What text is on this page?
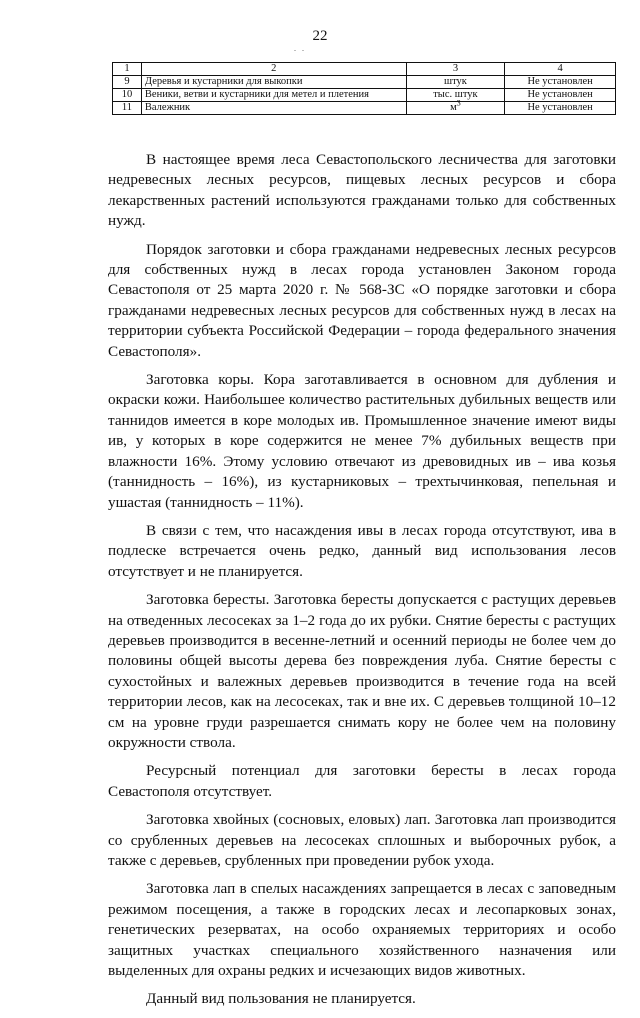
22
. .
1	2	3	4
9	Деревья и кустарники для выкопки	штук	Не установлен
10	Веники, ветви и кустарники для метел и плетения	тыс. штук	Не установлен
11	Валежник	$м^3$	Не установлен

В настоящее время леса Севастопольского лесничества для заготовки недревесных лесных ресурсов, пищевых лесных ресурсов и сбора лекарственных растений используются гражданами только для собственных нужд.

Порядок заготовки и сбора гражданами недревесных лесных ресурсов для собственных нужд в лесах города установлен Законом города Севастополя от 25 марта 2020 г. № 568-ЗС «О порядке заготовки и сбора гражданами недревесных лесных ресурсов для собственных нужд в лесах на территории субъекта Российской Федерации – города федерального значения Севастополя».

Заготовка коры. Кора заготавливается в основном для дубления и окраски кожи. Наибольшее количество растительных дубильных веществ или таннидов имеется в коре молодых ив. Промышленное значение имеют виды ив, у которых в коре содержится не менее 7% дубильных веществ при влажности 16%. Этому условию отвечают из древовидных ив – ива козья (таннидность – 16%), из кустарниковых – трехтычинковая, пепельная и ушастая (таннидность – 11%).

В связи с тем, что насаждения ивы в лесах города отсутствуют, ива в подлеске встречается очень редко, данный вид использования лесов отсутствует и не планируется.

Заготовка бересты. Заготовка бересты допускается с растущих деревьев на отведенных лесосеках за 1–2 года до их рубки. Снятие бересты с растущих деревьев производится в весенне-летний и осенний периоды не более чем до половины общей высоты дерева без повреждения луба. Снятие бересты с сухостойных и валежных деревьев производится в течение года на всей территории лесов, как на лесосеках, так и вне их. С деревьев толщиной 10–12 см на уровне груди разрешается снимать кору не более чем на половину окружности ствола.

Ресурсный потенциал для заготовки бересты в лесах города Севастополя отсутствует.

Заготовка хвойных (сосновых, еловых) лап. Заготовка лап производится со срубленных деревьев на лесосеках сплошных и выборочных рубок, а также с деревьев, срубленных при проведении рубок ухода.

Заготовка лап в спелых насаждениях запрещается в лесах с заповедным режимом посещения, а также в городских лесах и лесопарковых зонах, генетических резерватах, на особо охраняемых территориях и особо защитных участках специального хозяйственного назначения или выделенных для охраны редких и исчезающих видов животных.

Данный вид пользования не планируется.
